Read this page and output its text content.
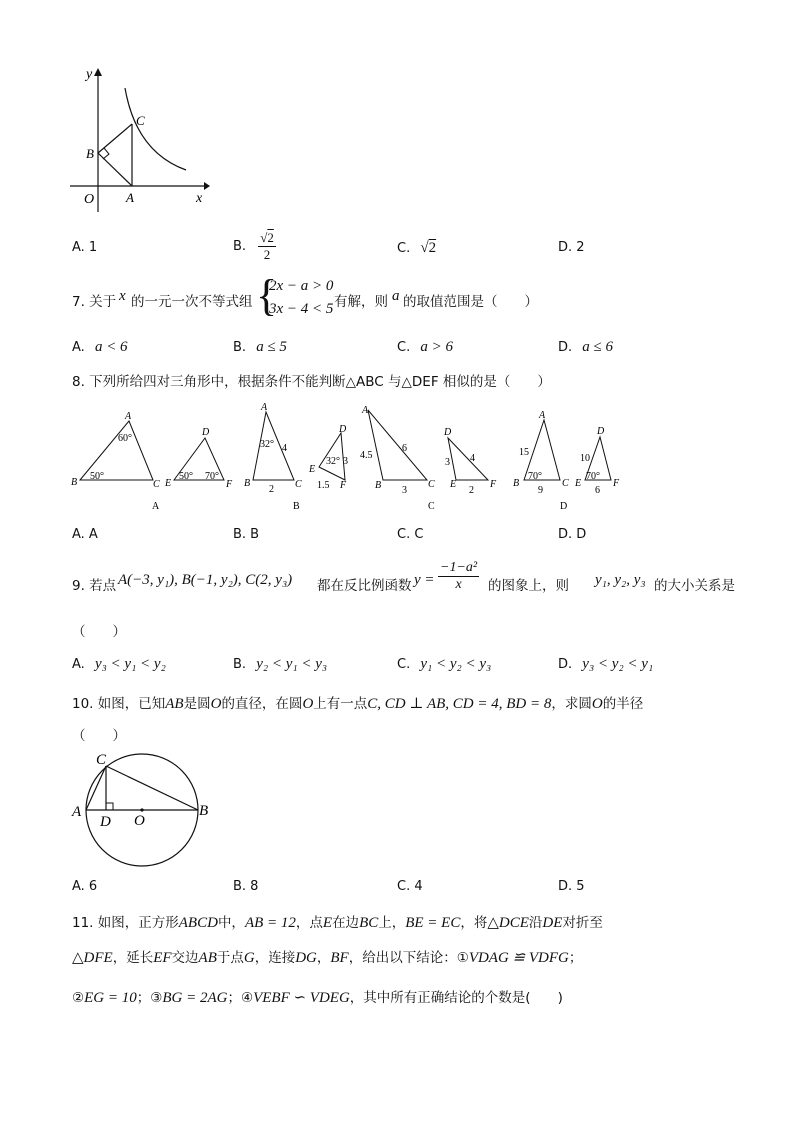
y
x
O A
B
C
A. 1	B. $\frac{√2}{2}$	C. √2	D. 2
7. 关于 x 的一元一次不等式组 {
2x − a > 0
3x − 4 < 5 有解，则 a 的取值范围是（　　）
A. a < 6	B. a ≤ 5	C. a > 6	D. a ≤ 6
8. 下列所给四对三角形中，根据条件不能判断△ABC 与△DEF 相似的是（　　）
A
B	C
60°
50°
D
E	F
50° 70°
A
A
B	C
32° 4
2
D
E
F
32° 3
1.5
B
A
B	C
4.5
6
3
D
E	F
3 4
2
C
A
B	C
15
70°
9
D
E	F
10
70°
6
D
A. A	B. B	C. C	D. D
9. 若点 A(−3, y₁), B(−1, y₂), C(2, y₃) 都在反比例函数 $y = \frac{\text{−1−a²}}{x}$ 的图象上，则 y₁, y₂, y₃ 的大小关系是
（　　）
A. y₃ < y₁ < y₂	B. y₂ < y₁ < y₃	C. y₁ < y₂ < y₃	D. y₃ < y₂ < y₁
10. 如图，已知AB是圆O的直径，在圆O上有一点C, CD ⊥ AB, CD = 4, BD = 8，求圆O的半径
（　　）
A	B
C
D O
A. 6	B. 8	C. 4	D. 5
11. 如图，正方形ABCD中，AB = 12，点E在边BC上，BE = EC，将△DCE沿DE对折至
△DFE，延长EF交边AB于点G，连接DG，BF，给出以下结论：①VDAG ≌ VDFG；
②EG = 10；③BG = 2AG；④VEBF ∽ VDEG，其中所有正确结论的个数是(　　)
